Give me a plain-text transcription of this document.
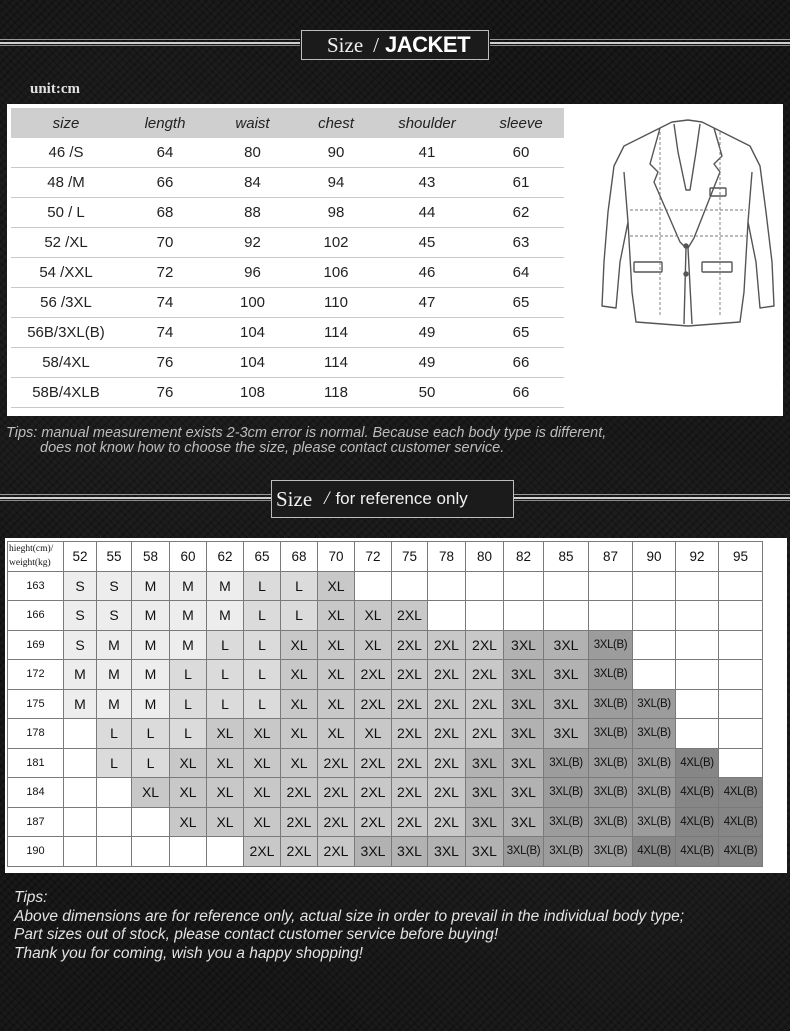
Size / JACKET
unit:cm
size	length	waist	chest	shoulder	sleeve
46 /S	64	80	90	41	60
48 /M	66	84	94	43	61
50 / L	68	88	98	44	62
52 /XL	70	92	102	45	63
54 /XXL	72	96	106	46	64
56 /3XL	74	100	110	47	65
56B/3XL(B)	74	104	114	49	65
58/4XL	76	104	114	49	66
58B/4XLB	76	108	118	50	66
Tips: manual measurement exists 2-3cm error is normal. Because each body type is different,
does not know how to choose the size, please contact customer service.
Size / for reference only
hieght(cm)/
weight(kg)	52	55	58	60	62	65	68	70	72	75	78	80	82	85	87	90	92	95
163	S	S	M	M	M	L	L	XL										
166	S	S	M	M	M	L	L	XL	XL	2XL								
169	S	M	M	M	L	L	XL	XL	XL	2XL	2XL	2XL	3XL	3XL	3XL(B)			
172	M	M	M	L	L	L	XL	XL	2XL	2XL	2XL	2XL	3XL	3XL	3XL(B)			
175	M	M	M	L	L	L	XL	XL	2XL	2XL	2XL	2XL	3XL	3XL	3XL(B)	3XL(B)		
178		L	L	L	XL	XL	XL	XL	XL	2XL	2XL	2XL	3XL	3XL	3XL(B)	3XL(B)		
181		L	L	XL	XL	XL	XL	2XL	2XL	2XL	2XL	3XL	3XL	3XL(B)	3XL(B)	3XL(B)	4XL(B)	
184			XL	XL	XL	XL	2XL	2XL	2XL	2XL	2XL	3XL	3XL	3XL(B)	3XL(B)	3XL(B)	4XL(B)	4XL(B)
187				XL	XL	XL	2XL	2XL	2XL	2XL	2XL	3XL	3XL	3XL(B)	3XL(B)	3XL(B)	4XL(B)	4XL(B)
190						2XL	2XL	2XL	3XL	3XL	3XL	3XL	3XL(B)	3XL(B)	3XL(B)	4XL(B)	4XL(B)	4XL(B)
Tips:
Above dimensions are for reference only, actual size in order to prevail in the individual body type;
Part sizes out of stock, please contact customer service before buying!
Thank you for coming, wish you a happy shopping!
